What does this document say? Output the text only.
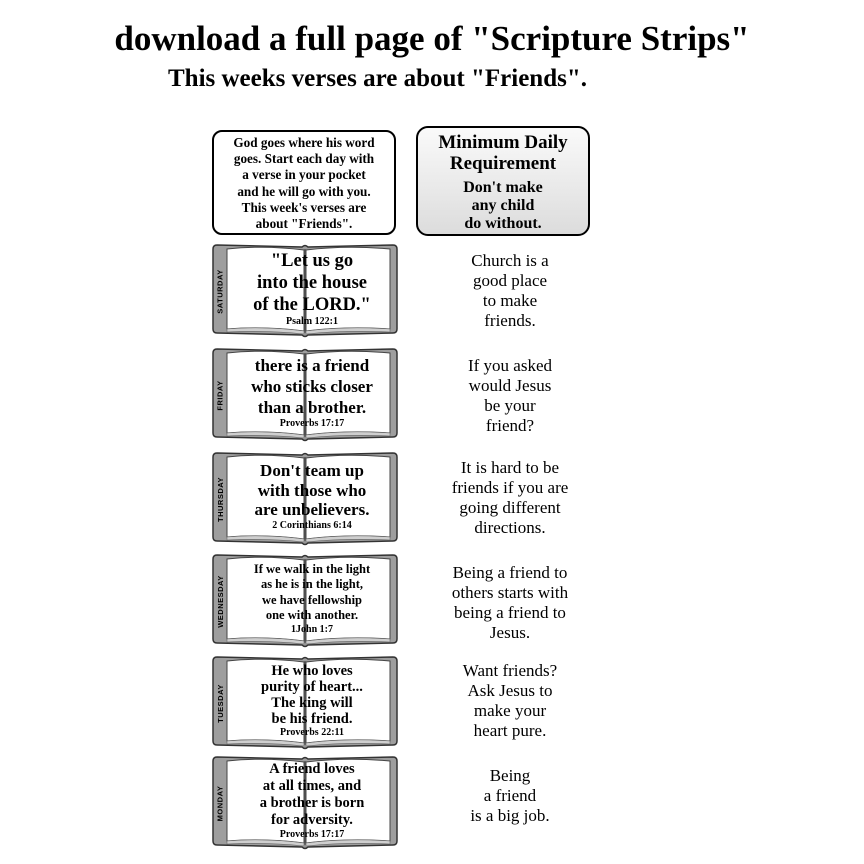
download a full page of "Scripture Strips"
This weeks verses are about "Friends".
God goes where his word
goes. Start each day with
a verse in your pocket
and he will go with you.
This week's verses are
about "Friends".
Minimum Daily
Requirement
Don't make
any child
do without.
SATURDAY
"Let us go
into the house
of the LORD."
Psalm 122:1
Church is a
good place
to make
friends.
FRIDAY
there is a friend
who sticks closer
than a brother.
Proverbs 17:17
If you asked
would Jesus
be your
friend?
THURSDAY
Don't team up
with those who
are unbelievers.
2 Corinthians 6:14
It is hard to be
friends if you are
going different
directions.
WEDNESDAY
If we walk in the light
as he is in the light,
we have fellowship
one with another.
1John 1:7
Being a friend to
others starts with
being a friend to
Jesus.
TUESDAY
He who loves
purity of heart...
The king will
be his friend.
Proverbs 22:11
Want friends?
Ask Jesus to
make your
heart pure.
MONDAY
A friend loves
at all times, and
a brother is born
for adversity.
Proverbs 17:17
Being
a friend
is a big job.
